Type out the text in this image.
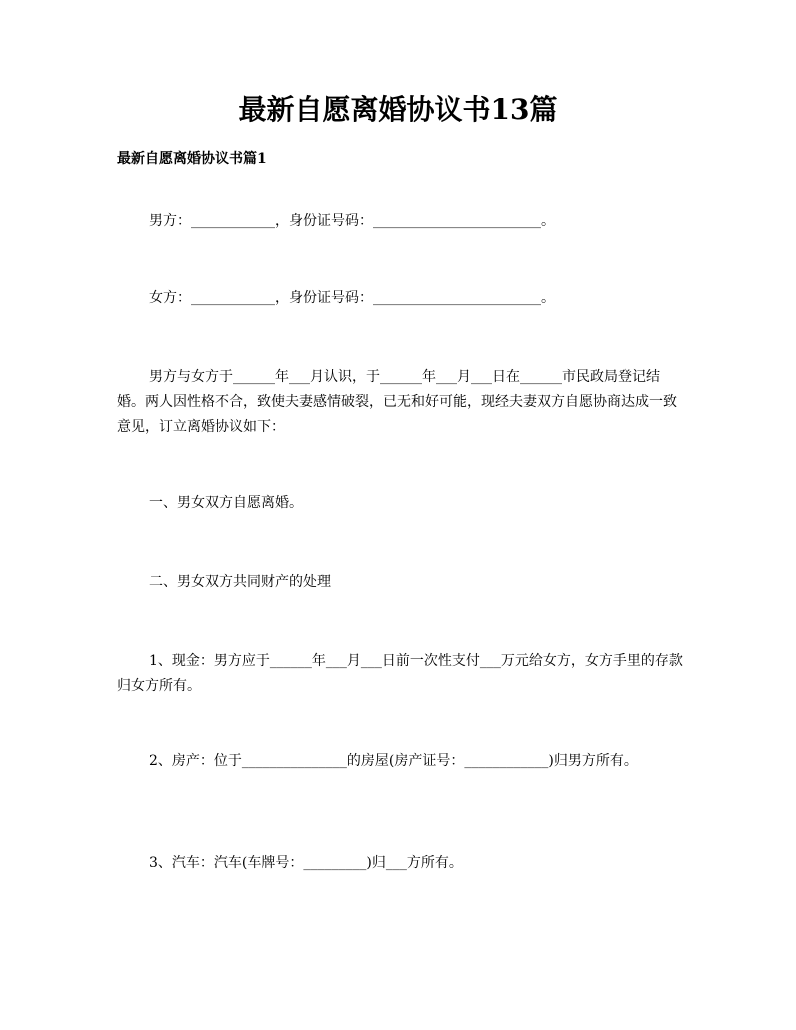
最新自愿离婚协议书13篇
最新自愿离婚协议书篇1
男方：____________，身份证号码：________________________。
女方：____________，身份证号码：________________________。
男方与女方于______年___月认识，于______年___月___日在______市民政局登记结婚。两人因性格不合，致使夫妻感情破裂，已无和好可能，现经夫妻双方自愿协商达成一致意见，订立离婚协议如下：
一、男女双方自愿离婚。
二、男女双方共同财产的处理
1、现金：男方应于______年___月___日前一次性支付___万元给女方，女方手里的存款归女方所有。
2、房产：位于_______________的房屋(房产证号：____________)归男方所有。
3、汽车：汽车(车牌号：_________)归___方所有。
